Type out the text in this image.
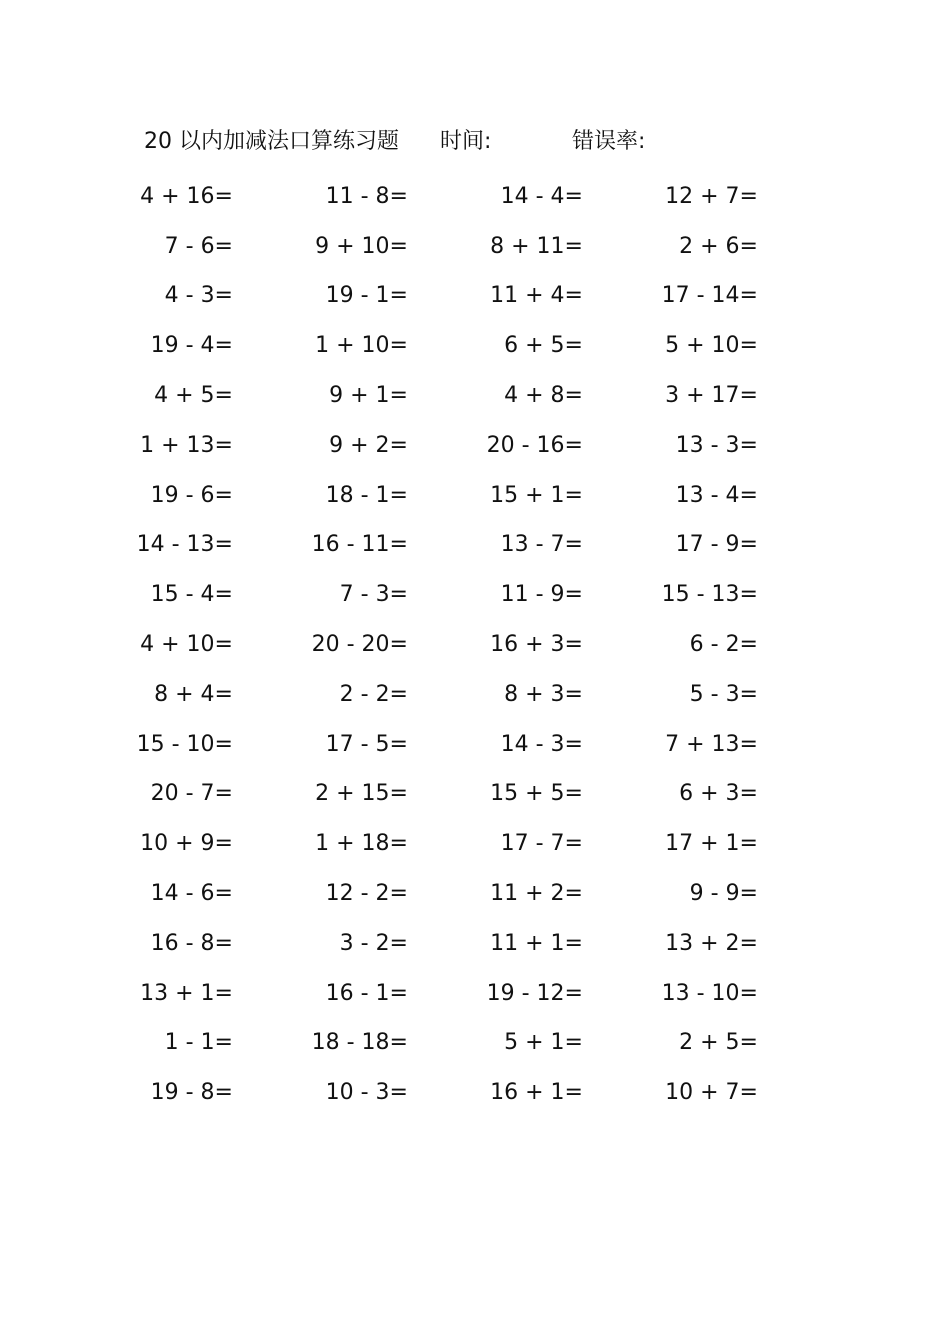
20 以内加减法口算练习题 时间:	错误率:
4 + 16=	11 - 8=	14 - 4=	12 + 7=
7 - 6=	9 + 10=	8 + 11=	2 + 6=
4 - 3=	19 - 1=	11 + 4=	17 - 14=
19 - 4=	1 + 10=	6 + 5=	5 + 10=
4 + 5=	9 + 1=	4 + 8=	3 + 17=
1 + 13=	9 + 2=	20 - 16=	13 - 3=
19 - 6=	18 - 1=	15 + 1=	13 - 4=
14 - 13=	16 - 11=	13 - 7=	17 - 9=
15 - 4=	7 - 3=	11 - 9=	15 - 13=
4 + 10=	20 - 20=	16 + 3=	6 - 2=
8 + 4=	2 - 2=	8 + 3=	5 - 3=
15 - 10=	17 - 5=	14 - 3=	7 + 13=
20 - 7=	2 + 15=	15 + 5=	6 + 3=
10 + 9=	1 + 18=	17 - 7=	17 + 1=
14 - 6=	12 - 2=	11 + 2=	9 - 9=
16 - 8=	3 - 2=	11 + 1=	13 + 2=
13 + 1=	16 - 1=	19 - 12=	13 - 10=
1 - 1=	18 - 18=	5 + 1=	2 + 5=
19 - 8=	10 - 3=	16 + 1=	10 + 7=
